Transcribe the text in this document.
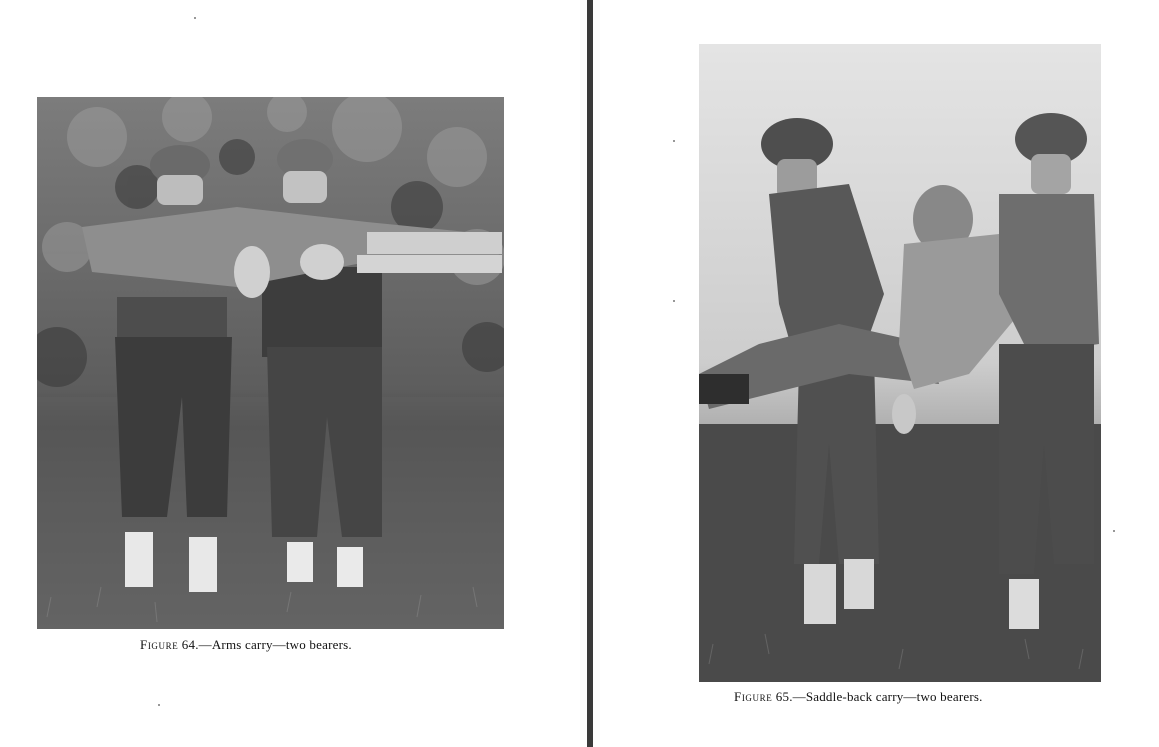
Figure 64.—Arms carry—two bearers.
Figure 65.—Saddle-back carry—two bearers.
